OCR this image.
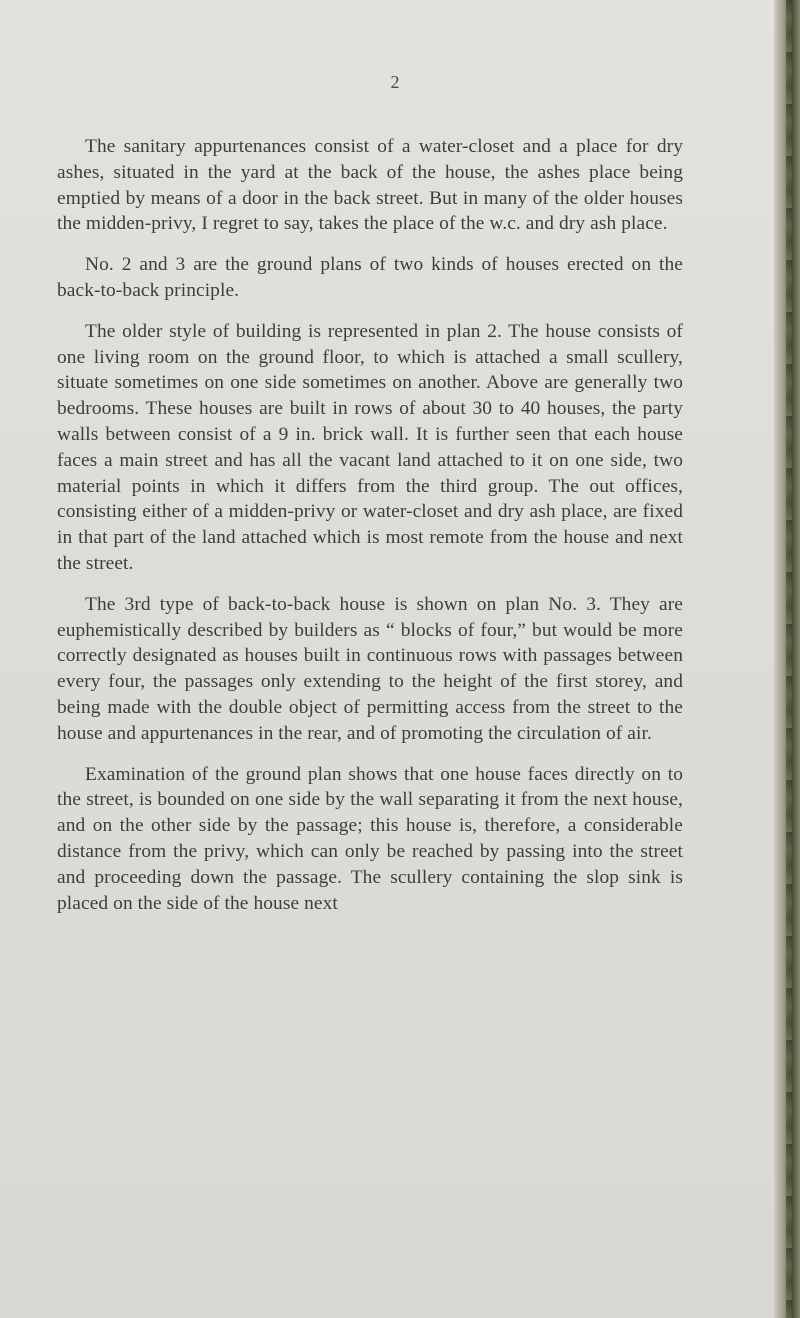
2

The sanitary appurtenances consist of a water-closet and a place for dry ashes, situated in the yard at the back of the house, the ashes place being emptied by means of a door in the back street. But in many of the older houses the midden-privy, I regret to say, takes the place of the w.c. and dry ash place.

No. 2 and 3 are the ground plans of two kinds of houses erected on the back-to-back principle.

The older style of building is represented in plan 2. The house consists of one living room on the ground floor, to which is attached a small scullery, situate sometimes on one side sometimes on another. Above are generally two bedrooms. These houses are built in rows of about 30 to 40 houses, the party walls between consist of a 9 in. brick wall. It is further seen that each house faces a main street and has all the vacant land attached to it on one side, two material points in which it differs from the third group. The out offices, consisting either of a midden-privy or water-closet and dry ash place, are fixed in that part of the land attached which is most remote from the house and next the street.

The 3rd type of back-to-back house is shown on plan No. 3. They are euphemistically described by builders as “ blocks of four,” but would be more correctly designated as houses built in continuous rows with passages between every four, the passages only extending to the height of the first storey, and being made with the double object of permitting access from the street to the house and appurtenances in the rear, and of promoting the circulation of air.

Examination of the ground plan shows that one house faces directly on to the street, is bounded on one side by the wall separating it from the next house, and on the other side by the passage; this house is, therefore, a considerable distance from the privy, which can only be reached by passing into the street and proceeding down the passage. The scullery containing the slop sink is placed on the side of the house next
